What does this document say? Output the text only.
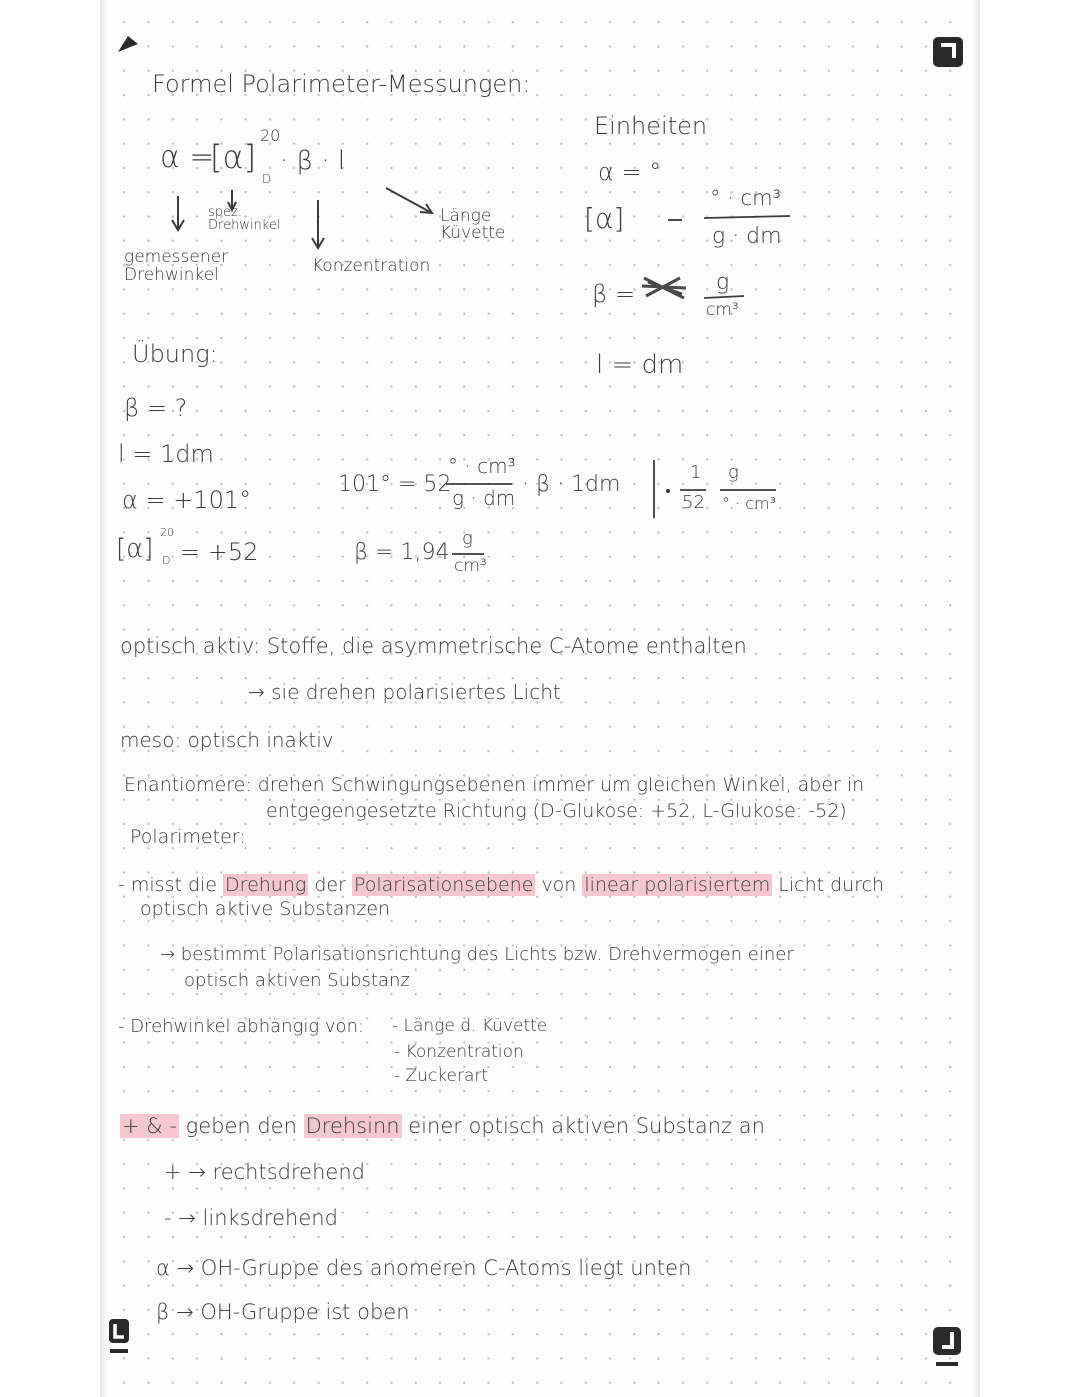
Formel Polarimeter-Messungen:
α =
[α]
20
D
· β · l
gemessener Drehwinkel
spez. Drehwinkel
Konzentration
Länge Küvette
Einheiten
α = °
[α]
° · cm³
g · dm
β =	g
cm³
l = dm
Übung:
β = ?
l = 1dm
α = +101°
[α]
20
D = +52
101° = 52
° · cm³
g · dm
· β · 1dm	1
52
g
° · cm³
β = 1,94
g
cm³
optisch aktiv: Stoffe, die asymmetrische C-Atome enthalten
→ sie drehen polarisiertes Licht
meso: optisch inaktiv
Enantiomere: drehen Schwingungsebenen immer um gleichen Winkel, aber in
entgegengesetzte Richtung (D-Glukose: +52, L-Glukose: -52)
Polarimeter:
- misst die Drehung der Polarisationsebene von linear polarisiertem Licht durch
optisch aktive Substanzen
→ bestimmt Polarisationsrichtung des Lichts bzw. Drehvermögen einer
optisch aktiven Substanz
- Drehwinkel abhängig von: - Länge d. Küvette
- Konzentration
- Zuckerart
+ & - geben den Drehsinn einer optisch aktiven Substanz an
+ → rechtsdrehend
- → linksdrehend
α → OH-Gruppe des anomeren C-Atoms liegt unten
β → OH-Gruppe ist oben
